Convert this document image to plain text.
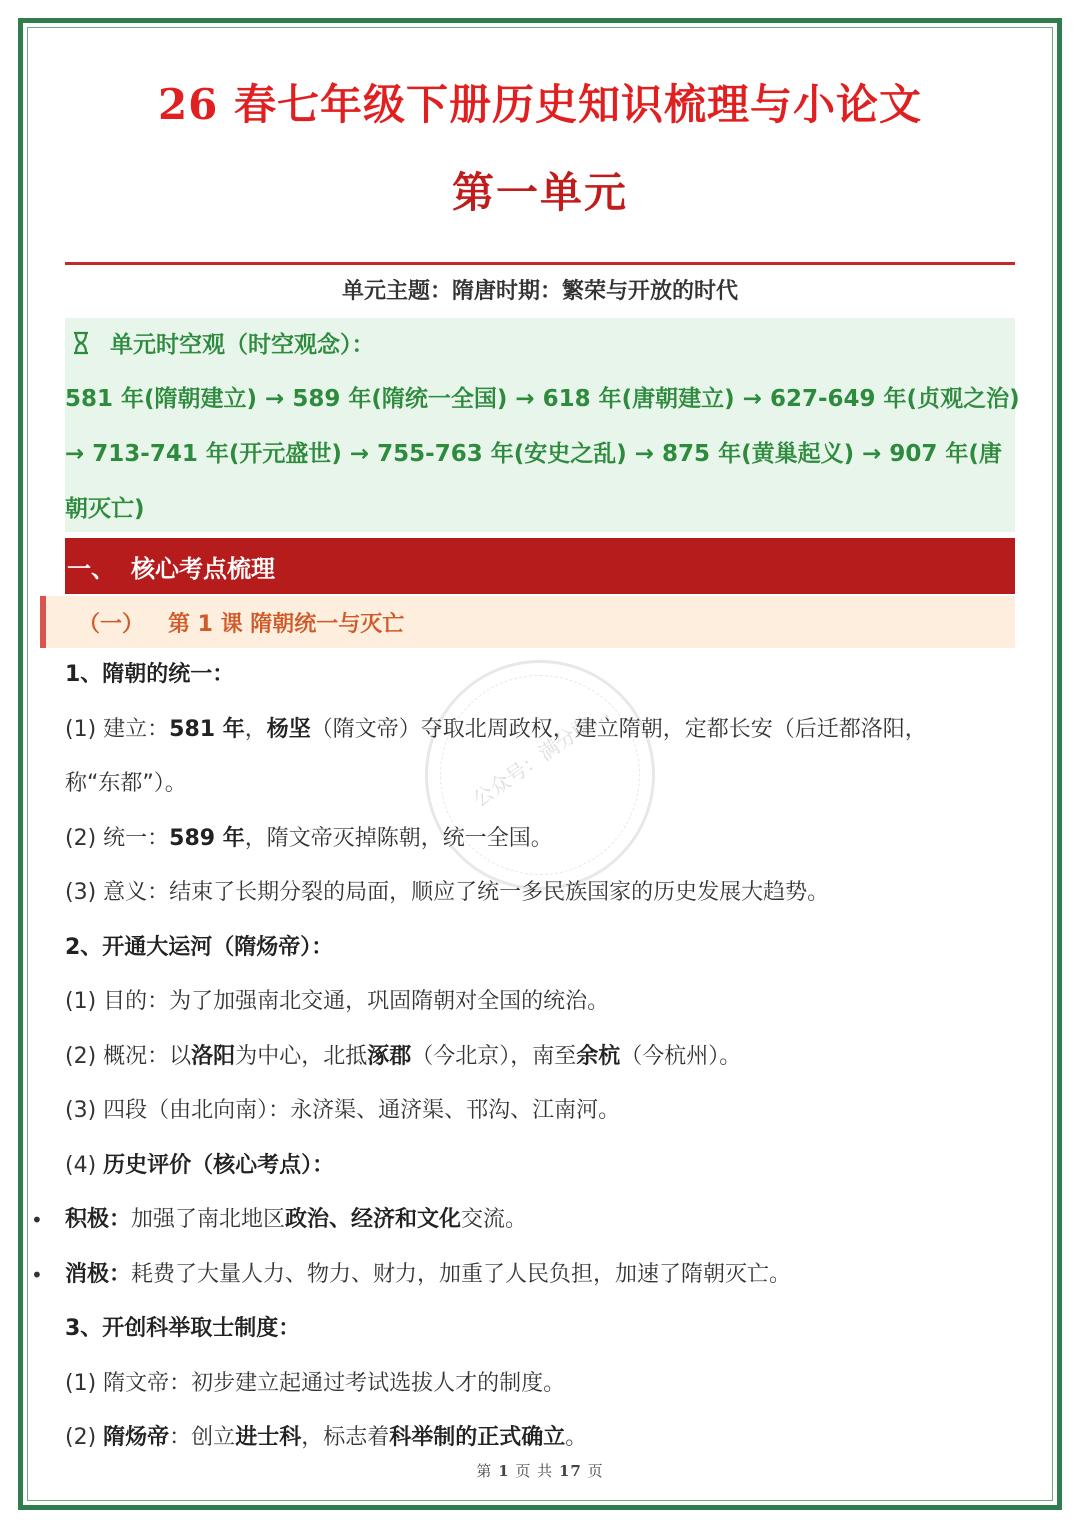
26 春七年级下册历史知识梳理与小论文
第一单元
单元主题：隋唐时期：繁荣与开放的时代
单元时空观（时空观念）：
581 年(隋朝建立) → 589 年(隋统一全国) → 618 年(唐朝建立) → 627-649 年(贞观之治)
→ 713-741 年(开元盛世) → 755-763 年(安史之乱) → 875 年(黄巢起义) → 907 年(唐
朝灭亡)
一、 核心考点梳理
（一） 第 1 课 隋朝统一与灭亡
公众号：满分敢…
1、隋朝的统一：
(1) 建立：581 年，杨坚（隋文帝）夺取北周政权，建立隋朝，定都长安（后迁都洛阳，
称“东都”）。
(2) 统一：589 年，隋文帝灭掉陈朝，统一全国。
(3) 意义：结束了长期分裂的局面，顺应了统一多民族国家的历史发展大趋势。
2、开通大运河（隋炀帝）：
(1) 目的：为了加强南北交通，巩固隋朝对全国的统治。
(2) 概况：以洛阳为中心，北抵涿郡（今北京），南至余杭（今杭州）。
(3) 四段（由北向南）：永济渠、通济渠、邗沟、江南河。
(4) 历史评价（核心考点）：
• 积极：加强了南北地区政治、经济和文化交流。
• 消极：耗费了大量人力、物力、财力，加重了人民负担，加速了隋朝灭亡。
3、开创科举取士制度：
(1) 隋文帝：初步建立起通过考试选拔人才的制度。
(2) 隋炀帝：创立进士科，标志着科举制的正式确立。
第 1 页 共 17 页
